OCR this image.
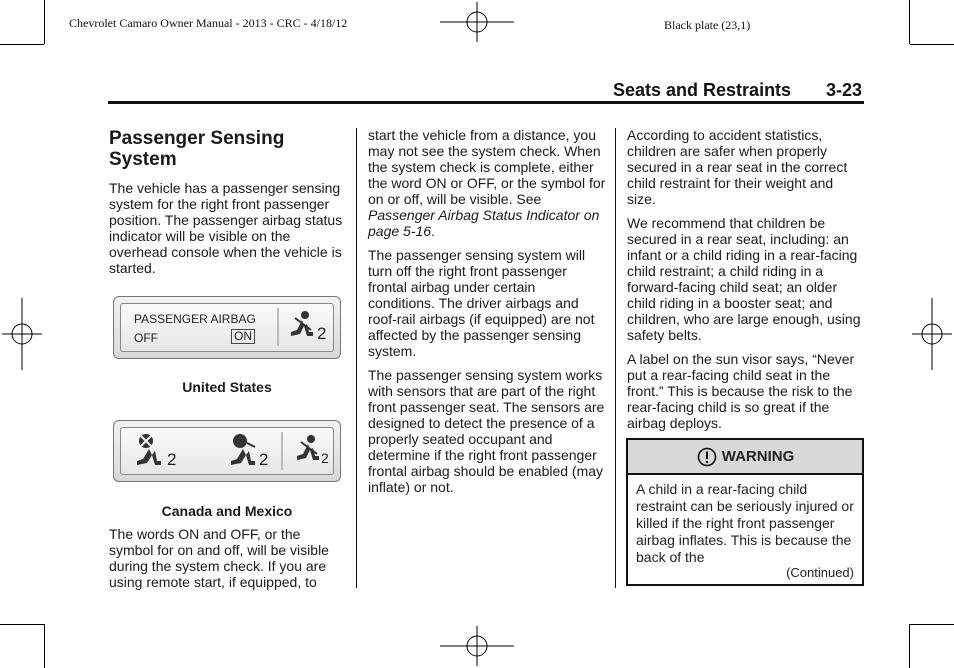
Chevrolet Camaro Owner Manual - 2013 - CRC - 4/18/12	Black plate (23,1)
Seats and Restraints 3-23
Passenger Sensing System

The vehicle has a passenger sensing system for the right front passenger position. The passenger airbag status indicator will be visible on the overhead console when the vehicle is started.

PASSENGER AIRBAG
OFF	ON	2
United States
2	2	2
Canada and Mexico

The words ON and OFF, or the symbol for on and off, will be visible during the system check. If you are using remote start, if equipped, to

start the vehicle from a distance, you may not see the system check. When the system check is complete, either the word ON or OFF, or the symbol for on or off, will be visible. See Passenger Airbag Status Indicator on page 5-16.

The passenger sensing system will turn off the right front passenger frontal airbag under certain conditions. The driver airbags and roof-rail airbags (if equipped) are not affected by the passenger sensing system.

The passenger sensing system works with sensors that are part of the right front passenger seat. The sensors are designed to detect the presence of a properly seated occupant and determine if the right front passenger frontal airbag should be enabled (may inflate) or not.

According to accident statistics, children are safer when properly secured in a rear seat in the correct child restraint for their weight and size.

We recommend that children be secured in a rear seat, including: an infant or a child riding in a rear-facing child restraint; a child riding in a forward-facing child seat; an older child riding in a booster seat; and children, who are large enough, using safety belts.

A label on the sun visor says, “Never put a rear-facing child seat in the front.” This is because the risk to the rear-facing child is so great if the airbag deploys.

WARNING
A child in a rear-facing child restraint can be seriously injured or killed if the right front passenger airbag inflates. This is because the back of the
(Continued)
